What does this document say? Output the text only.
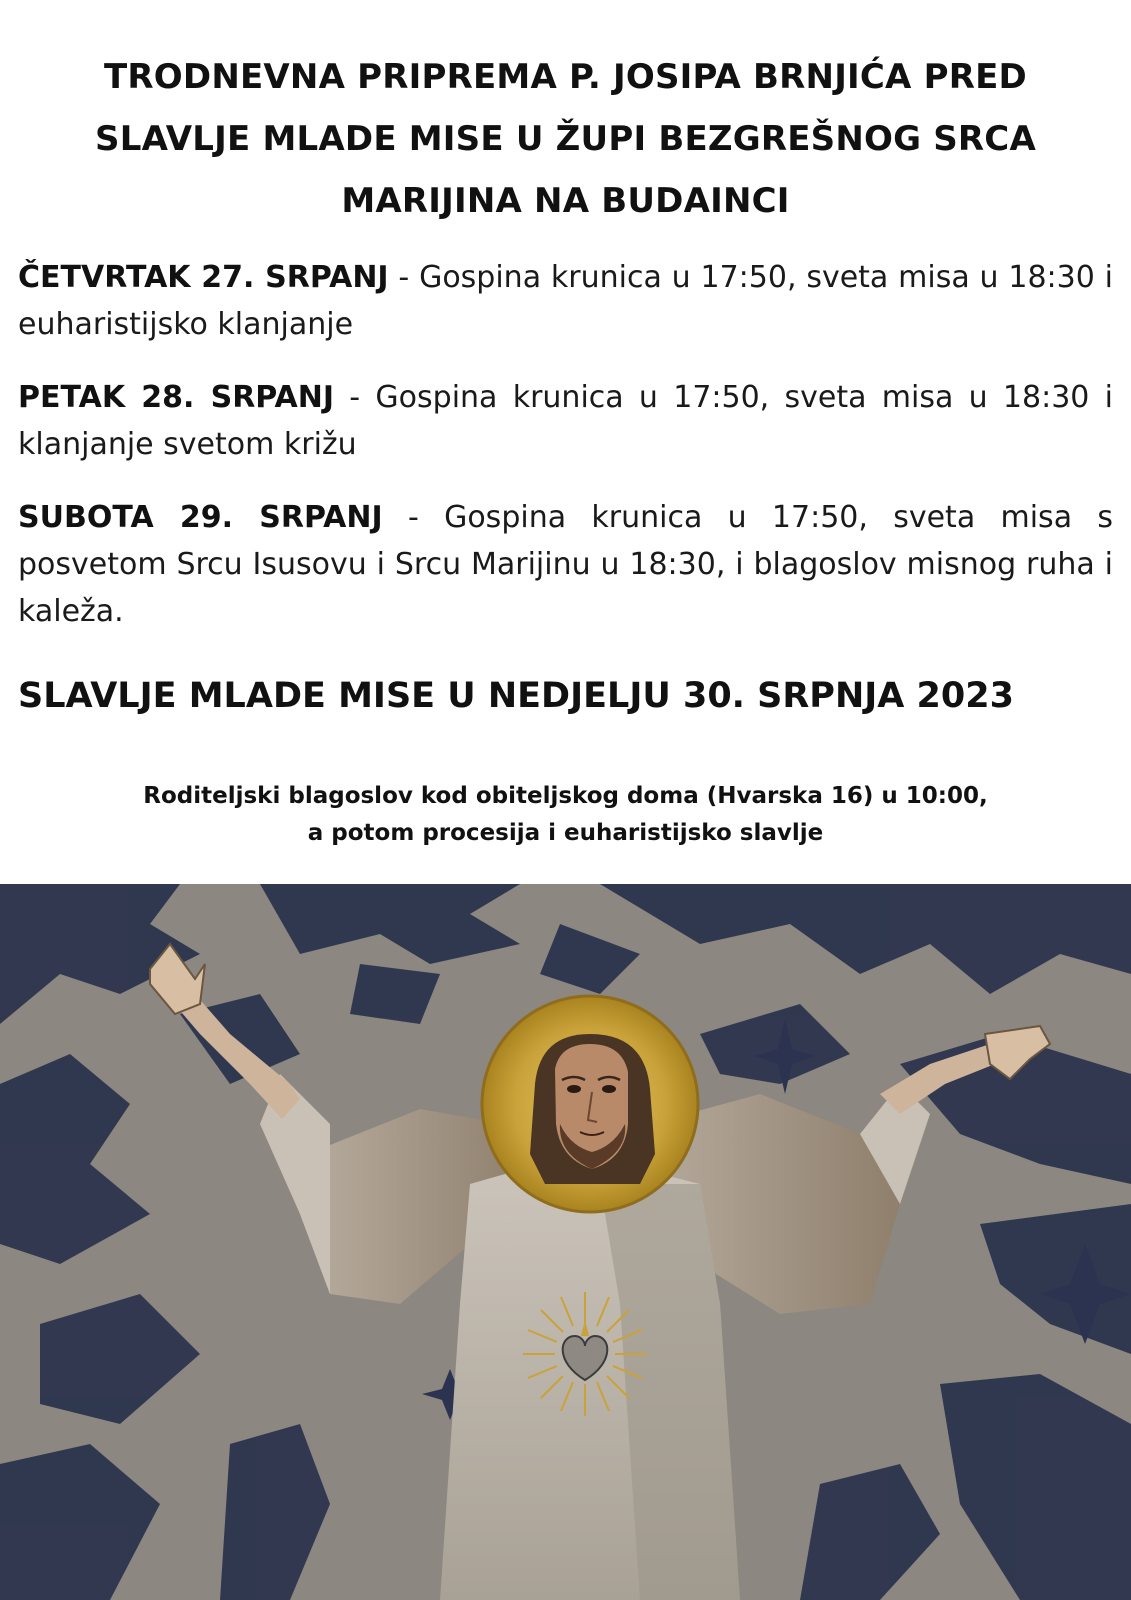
TRODNEVNA PRIPREMA P. JOSIPA BRNJIĆA PRED
SLAVLJE MLADE MISE U ŽUPI BEZGREŠNOG SRCA
MARIJINA NA BUDAINCI

ČETVRTAK 27. SRPANJ - Gospina krunica u 17:50, sveta misa u 18:30 i euharistijsko klanjanje

PETAK 28. SRPANJ - Gospina krunica u 17:50, sveta misa u 18:30 i klanjanje svetom križu

SUBOTA 29. SRPANJ - Gospina krunica u 17:50, sveta misa s posvetom Srcu Isusovu i Srcu Marijinu u 18:30, i blagoslov misnog ruha i kaleža.

SLAVLJE MLADE MISE U NEDJELJU 30. SRPNJA 2023

Roditeljski blagoslov kod obiteljskog doma (Hvarska 16) u 10:00,
a potom procesija i euharistijsko slavlje
